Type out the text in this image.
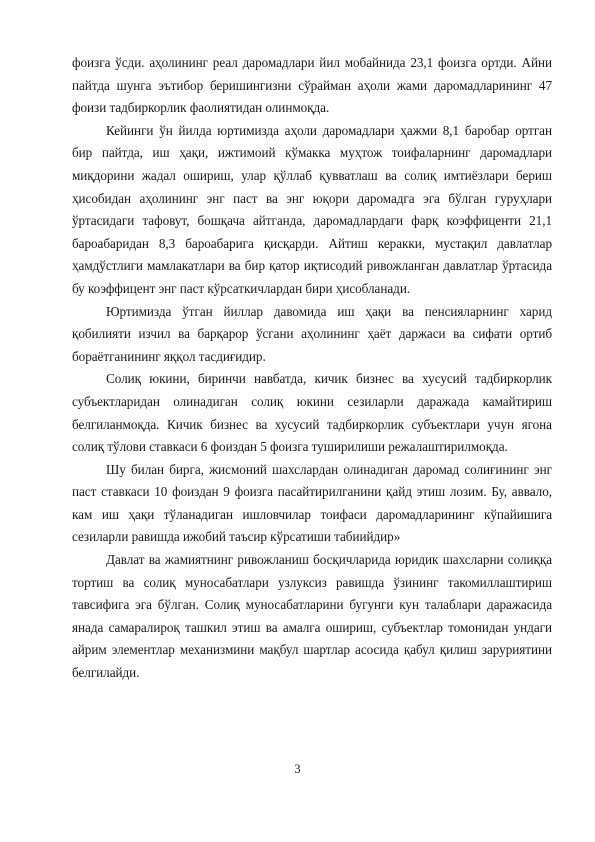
фоизга ўсди. аҳолининг реал даромадлари йил мобайнида 23,1 фоизга ортди. Айни пайтда шунга эътибор беришингизни сўрайман аҳоли жами даромадларининг 47 фоизи тадбиркорлик фаолиятидан олинмоқда.

Кейинги ўн йилда юртимизда аҳоли даромадлари ҳажми 8,1 баробар ортган бир пайтда, иш ҳақи, ижтимоий кўмакка муҳтож тоифаларнинг даромадлари миқдорини жадал ошириш, улар қўллаб қувватлаш ва солиқ имтиёзлари бериш ҳисобидан аҳолининг энг паст ва энг юқори даромадга эга бўлган гуруҳлари ўртасидаги тафовут, бошқача айтганда, даромадлардаги фарқ коэффиценти 21,1 бароабаридан 8,3 бароабарига қисқарди. Айтиш керакки, мустақил давлатлар ҳамдўстлиги мамлакатлари ва бир қатор иқтисодий ривожланган давлатлар ўртасида бу коэффицент энг паст кўрсаткичлардан бири ҳисобланади.

Юртимизда ўтган йиллар давомида иш ҳақи ва пенсияларнинг харид қобилияти изчил ва барқарор ўсгани аҳолининг ҳаёт даржаси ва сифати ортиб бораётганининг яққол тасдиғидир.

Солиқ юкини, биринчи навбатда, кичик бизнес ва хусусий тадбиркорлик субъектларидан олинадиган солиқ юкини сезиларли даражада камайтириш белгиланмоқда. Кичик бизнес ва хусусий тадбиркорлик субъектлари учун ягона солиқ тўлови ставкаси 6 фоиздан 5 фоизга туширилиши режалаштирилмоқда.

Шу билан бирга, жисмоний шахслардан олинадиган даромад солиғининг энг паст ставкаси 10 фоиздан 9 фоизга пасайтирилганини қайд этиш лозим. Бу, аввало, кам иш ҳақи тўланадиган ишловчилар тоифаси даромадларининг кўпайишига сезиларли равишда ижобий таъсир кўрсатиши табиийдир»

Давлат ва жамиятнинг ривожланиш босқичларида юридик шахсларни солиққа тортиш ва солиқ муносабатлари узлуксиз равишда ўзининг такомиллаштириш тавсифига эга бўлган. Солиқ муносабатларини бугунги кун талаблари даражасида янада самаралироқ ташкил этиш ва амалга ошириш, субъектлар томонидан ундаги айрим элементлар механизмини мақбул шартлар асосида қабул қилиш заруриятини белгилайди.

3
